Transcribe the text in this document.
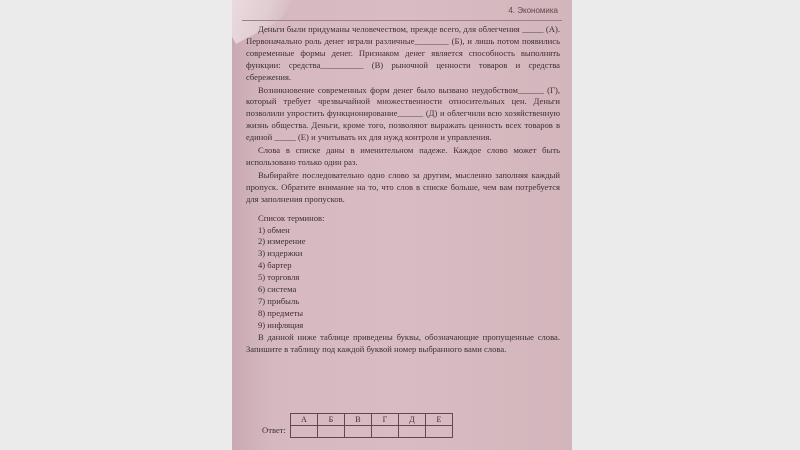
4. Экономика

Деньги были придуманы человечеством, прежде всего, для облегчения _____ (А). Первоначально роль денег играли различные________ (Б), и лишь потом появились современные формы денег. Признаком денег является способность выполнять функции: средства__________ (В) рыночной ценности товаров и средства сбережения.

Возникновение современных форм денег было вызвано неудобством______ (Г), который требует чрезвычайной множественности относительных цен. Деньги позволили упростить функционирование______ (Д) и облегчили всю хозяйственную жизнь общества. Деньги, кроме того, позволяют выражать ценность всех товаров в единой _____ (Е) и учитывать их для нужд контроля и управления.

Слова в списке даны в именительном падеже. Каждое слово может быть использовано только один раз.

Выбирайте последовательно одно слово за другим, мысленно заполняя каждый пропуск. Обратите внимание на то, что слов в списке больше, чем вам потребуется для заполнения пропусков.

Список терминов:
1) обмен
2) измерение
3) издержки
4) бартер
5) торговля
6) система
7) прибыль
8) предметы
9) инфляция

В данной ниже таблице приведены буквы, обозначающие пропущенные слова. Запишите в таблицу под каждой буквой номер выбранного вами слова.

Ответ:
А	Б	В	Г	Д	Е
